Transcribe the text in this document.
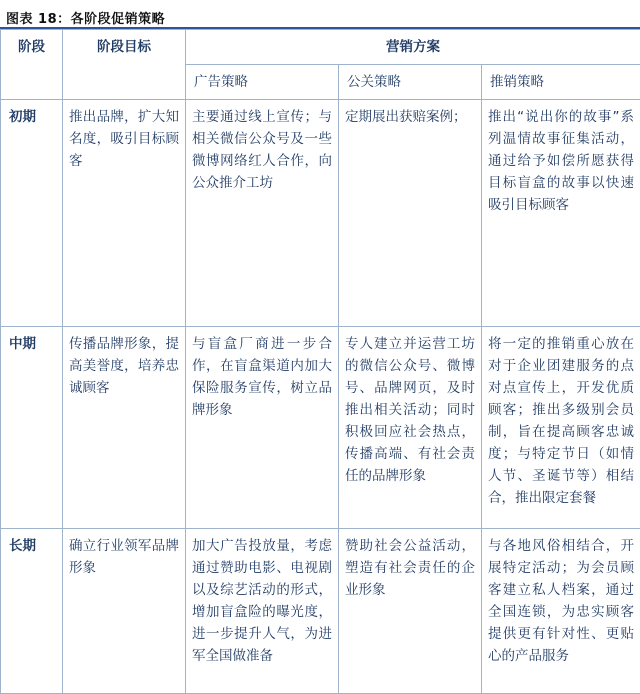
图表 18：各阶段促销策略
阶段	阶段目标	营销方案		
		广告策略	公关策略	推销策略
初期	推出品牌，扩大知名度，吸引目标顾客	主要通过线上宣传；与相关微信公众号及一些微博网络红人合作，向公众推介工坊	定期展出获赔案例；	推出“说出你的故事”系列温情故事征集活动，通过给予如偿所愿获得目标盲盒的故事以快速吸引目标顾客
中期	传播品牌形象，提高美誉度，培养忠诚顾客	与盲盒厂商进一步合作，在盲盒渠道内加大保险服务宣传，树立品牌形象	专人建立并运营工坊的微信公众号、微博号、品牌网页，及时推出相关活动；同时积极回应社会热点，传播高端、有社会责任的品牌形象	将一定的推销重心放在对于企业团建服务的点对点宣传上，开发优质顾客；推出多级别会员制，旨在提高顾客忠诚度；与特定节日（如情人节、圣诞节等）相结合，推出限定套餐
长期	确立行业领军品牌形象	加大广告投放量，考虑通过赞助电影、电视剧以及综艺活动的形式，增加盲盒险的曝光度，进一步提升人气，为进军全国做准备	赞助社会公益活动，塑造有社会责任的企业形象	与各地风俗相结合，开展特定活动；为会员顾客建立私人档案，通过全国连锁，为忠实顾客提供更有针对性、更贴心的产品服务
